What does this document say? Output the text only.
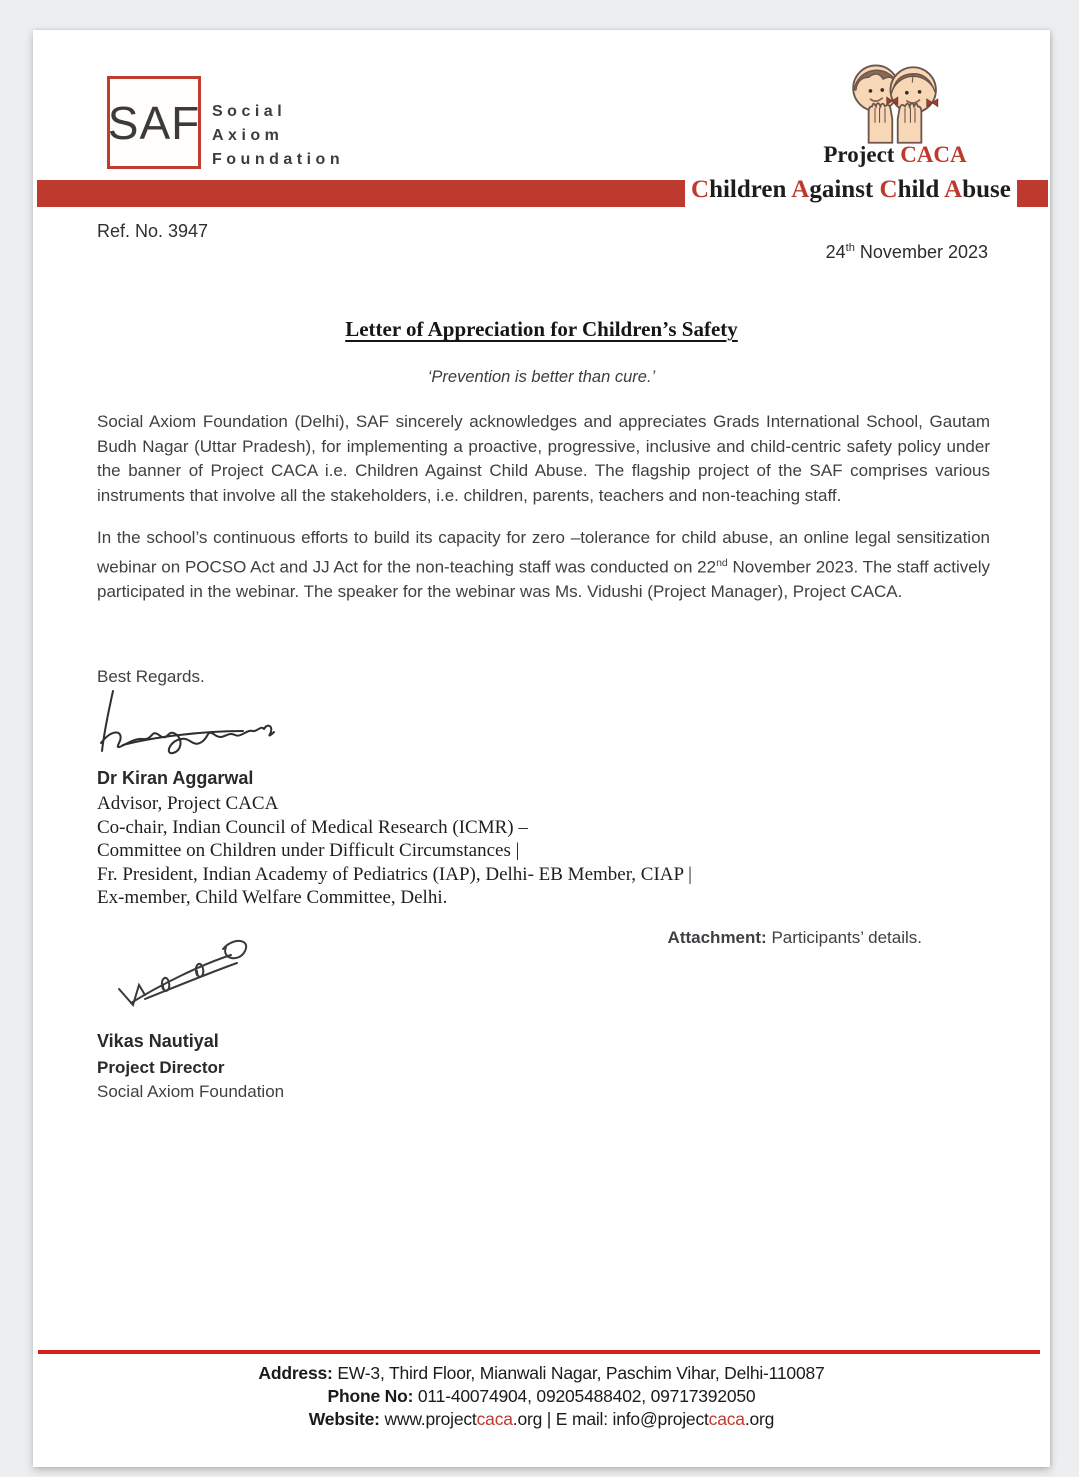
SAF Social
Axiom
Foundation	Project CACA
Children Against Child Abuse
Ref. No. 3947
24th November 2023
Letter of Appreciation for Children’s Safety
‘Prevention is better than cure.’
Social Axiom Foundation (Delhi), SAF sincerely acknowledges and appreciates Grads International School, Gautam Budh Nagar (Uttar Pradesh), for implementing a proactive, progressive, inclusive and child-centric safety policy under the banner of Project CACA i.e. Children Against Child Abuse. The flagship project of the SAF comprises various instruments that involve all the stakeholders, i.e. children, parents, teachers and non-teaching staff.
In the school’s continuous efforts to build its capacity for zero –tolerance for child abuse, an online legal sensitization webinar on POCSO Act and JJ Act for the non-teaching staff was conducted on 22nd November 2023. The staff actively participated in the webinar. The speaker for the webinar was Ms. Vidushi (Project Manager), Project CACA.
Best Regards.
Dr Kiran Aggarwal
Advisor, Project CACA
Co-chair, Indian Council of Medical Research (ICMR) –
Committee on Children under Difficult Circumstances |
Fr. President, Indian Academy of Pediatrics (IAP), Delhi- EB Member, CIAP |
Ex-member, Child Welfare Committee, Delhi.
Attachment: Participants’ details.
Vikas Nautiyal
Project Director
Social Axiom Foundation
Address: EW-3, Third Floor, Mianwali Nagar, Paschim Vihar, Delhi-110087
Phone No: 011-40074904, 09205488402, 09717392050
Website: www.projectcaca.org | E mail: info@projectcaca.org
